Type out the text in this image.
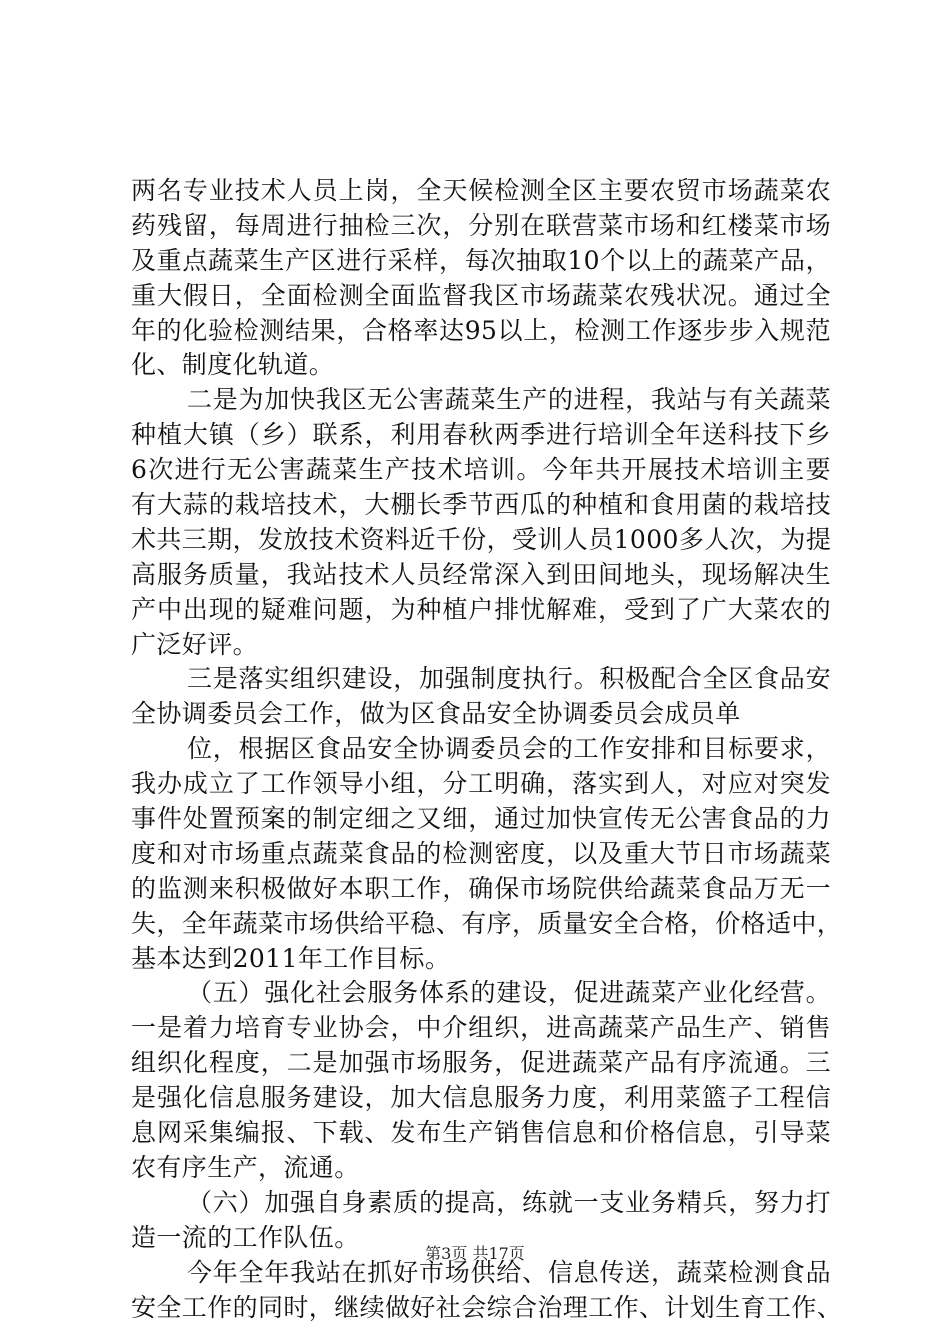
两名专业技术人员上岗，全天候检测全区主要农贸市场蔬菜农
药残留，每周进行抽检三次，分别在联营菜市场和红楼菜市场
及重点蔬菜生产区进行采样，每次抽取10个以上的蔬菜产品，
重大假日，全面检测全面监督我区市场蔬菜农残状况。通过全
年的化验检测结果，合格率达95以上，检测工作逐步步入规范
化、制度化轨道。
二是为加快我区无公害蔬菜生产的进程，我站与有关蔬菜
种植大镇（乡）联系，利用春秋两季进行培训全年送科技下乡
6次进行无公害蔬菜生产技术培训。今年共开展技术培训主要
有大蒜的栽培技术，大棚长季节西瓜的种植和食用菌的栽培技
术共三期，发放技术资料近千份，受训人员1000多人次，为提
高服务质量，我站技术人员经常深入到田间地头，现场解决生
产中出现的疑难问题，为种植户排忧解难，受到了广大菜农的
广泛好评。
三是落实组织建设，加强制度执行。积极配合全区食品安
全协调委员会工作，做为区食品安全协调委员会成员单
位，根据区食品安全协调委员会的工作安排和目标要求，
我办成立了工作领导小组，分工明确，落实到人，对应对突发
事件处置预案的制定细之又细，通过加快宣传无公害食品的力
度和对市场重点蔬菜食品的检测密度，以及重大节日市场蔬菜
的监测来积极做好本职工作，确保市场院供给蔬菜食品万无一
失，全年蔬菜市场供给平稳、有序，质量安全合格，价格适中，
基本达到2011年工作目标。
（五）强化社会服务体系的建设，促进蔬菜产业化经营。
一是着力培育专业协会，中介组织，进高蔬菜产品生产、销售
组织化程度，二是加强市场服务，促进蔬菜产品有序流通。三
是强化信息服务建设，加大信息服务力度，利用菜篮子工程信
息网采集编报、下载、发布生产销售信息和价格信息，引导菜
农有序生产，流通。
（六）加强自身素质的提高，练就一支业务精兵，努力打
造一流的工作队伍。
今年全年我站在抓好市场供给、信息传送，蔬菜检测食品
安全工作的同时，继续做好社会综合治理工作、计划生育工作、
第3页 共17页
